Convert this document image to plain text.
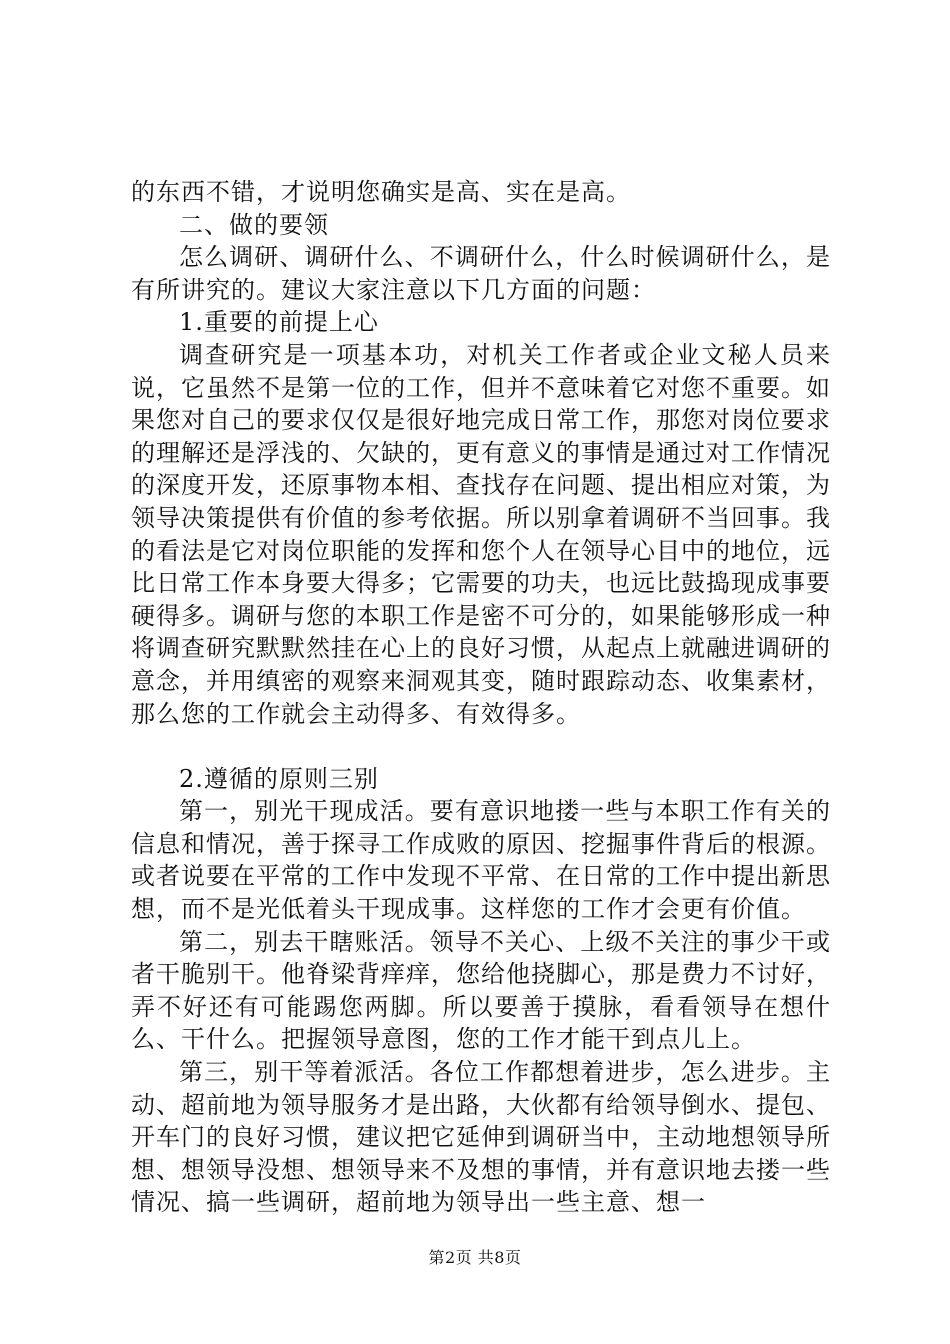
的东西不错，才说明您确实是高、实在是高。

二、做的要领

怎么调研、调研什么、不调研什么，什么时候调研什么，是有所讲究的。建议大家注意以下几方面的问题：

1.重要的前提上心

调查研究是一项基本功，对机关工作者或企业文秘人员来说，它虽然不是第一位的工作，但并不意味着它对您不重要。如果您对自己的要求仅仅是很好地完成日常工作，那您对岗位要求的理解还是浮浅的、欠缺的，更有意义的事情是通过对工作情况的深度开发，还原事物本相、查找存在问题、提出相应对策，为领导决策提供有价值的参考依据。所以别拿着调研不当回事。我的看法是它对岗位职能的发挥和您个人在领导心目中的地位，远比日常工作本身要大得多；它需要的功夫，也远比鼓捣现成事要硬得多。调研与您的本职工作是密不可分的，如果能够形成一种将调查研究默默然挂在心上的良好习惯，从起点上就融进调研的意念，并用缜密的观察来洞观其变，随时跟踪动态、收集素材，那么您的工作就会主动得多、有效得多。

2.遵循的原则三别

第一，别光干现成活。要有意识地搂一些与本职工作有关的信息和情况，善于探寻工作成败的原因、挖掘事件背后的根源。或者说要在平常的工作中发现不平常、在日常的工作中提出新思想，而不是光低着头干现成事。这样您的工作才会更有价值。

第二，别去干瞎账活。领导不关心、上级不关注的事少干或者干脆别干。他脊梁背痒痒，您给他挠脚心，那是费力不讨好，弄不好还有可能踢您两脚。所以要善于摸脉，看看领导在想什么、干什么。把握领导意图，您的工作才能干到点儿上。

第三，别干等着派活。各位工作都想着进步，怎么进步。主动、超前地为领导服务才是出路，大伙都有给领导倒水、提包、开车门的良好习惯，建议把它延伸到调研当中，主动地想领导所想、想领导没想、想领导来不及想的事情，并有意识地去搂一些情况、搞一些调研，超前地为领导出一些主意、想一

第2页 共8页
